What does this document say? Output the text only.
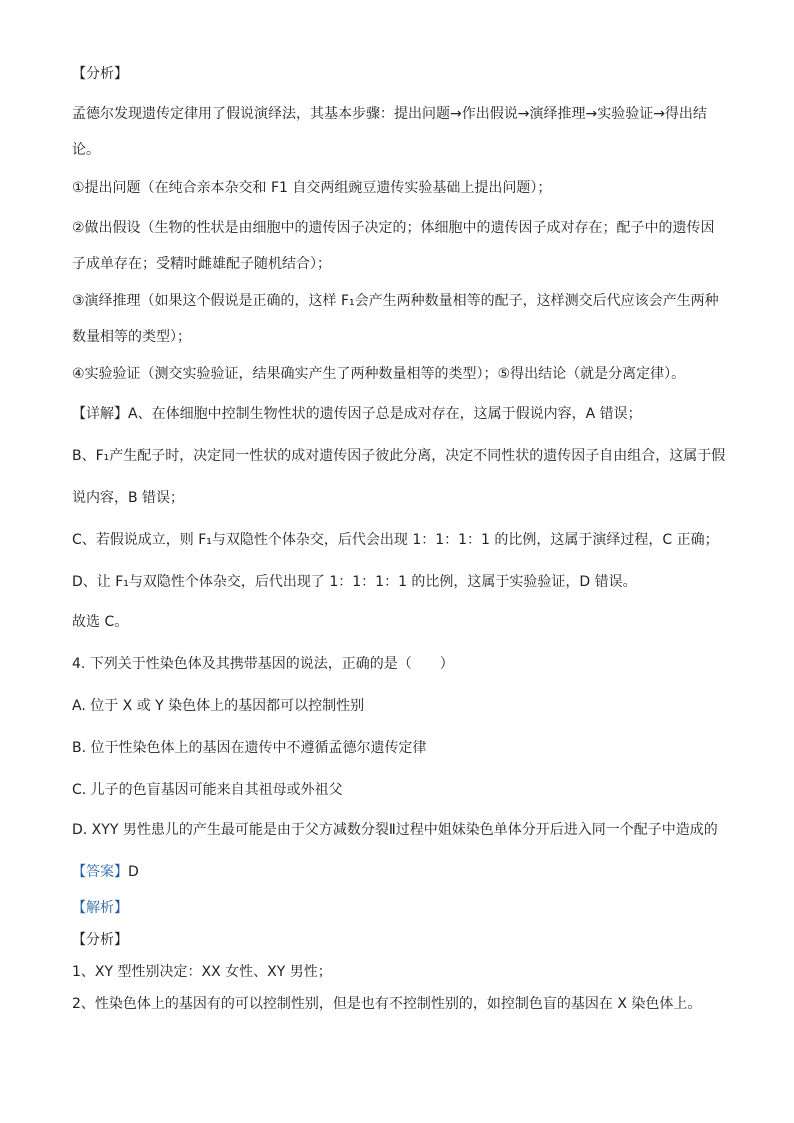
【分析】
孟德尔发现遗传定律用了假说演绎法，其基本步骤：提出问题→作出假说→演绎推理→实验验证→得出结
论。
①提出问题（在纯合亲本杂交和 F1 自交两组豌豆遗传实验基础上提出问题）；
②做出假设（生物的性状是由细胞中的遗传因子决定的；体细胞中的遗传因子成对存在；配子中的遗传因
子成单存在；受精时雌雄配子随机结合）；
③演绎推理（如果这个假说是正确的，这样 F₁会产生两种数量相等的配子，这样测交后代应该会产生两种
数量相等的类型）；
④实验验证（测交实验验证，结果确实产生了两种数量相等的类型）；⑤得出结论（就是分离定律）。
【详解】A、在体细胞中控制生物性状的遗传因子总是成对存在，这属于假说内容，A 错误；
B、F₁产生配子时，决定同一性状的成对遗传因子彼此分离，决定不同性状的遗传因子自由组合，这属于假
说内容，B 错误；
C、若假说成立，则 F₁与双隐性个体杂交，后代会出现 1：1：1：1 的比例，这属于演绎过程，C 正确；
D、让 F₁与双隐性个体杂交，后代出现了 1：1：1：1 的比例，这属于实验验证，D 错误。
故选 C。
4. 下列关于性染色体及其携带基因的说法，正确的是（　　）
A. 位于 X 或 Y 染色体上的基因都可以控制性别
B. 位于性染色体上的基因在遗传中不遵循孟德尔遗传定律
C. 儿子的色盲基因可能来自其祖母或外祖父
D. XYY 男性患儿的产生最可能是由于父方减数分裂Ⅱ过程中姐妹染色单体分开后进入同一个配子中造成的
【答案】D
【解析】
【分析】
1、XY 型性别决定：XX 女性、XY 男性；
2、性染色体上的基因有的可以控制性别，但是也有不控制性别的，如控制色盲的基因在 X 染色体上。
